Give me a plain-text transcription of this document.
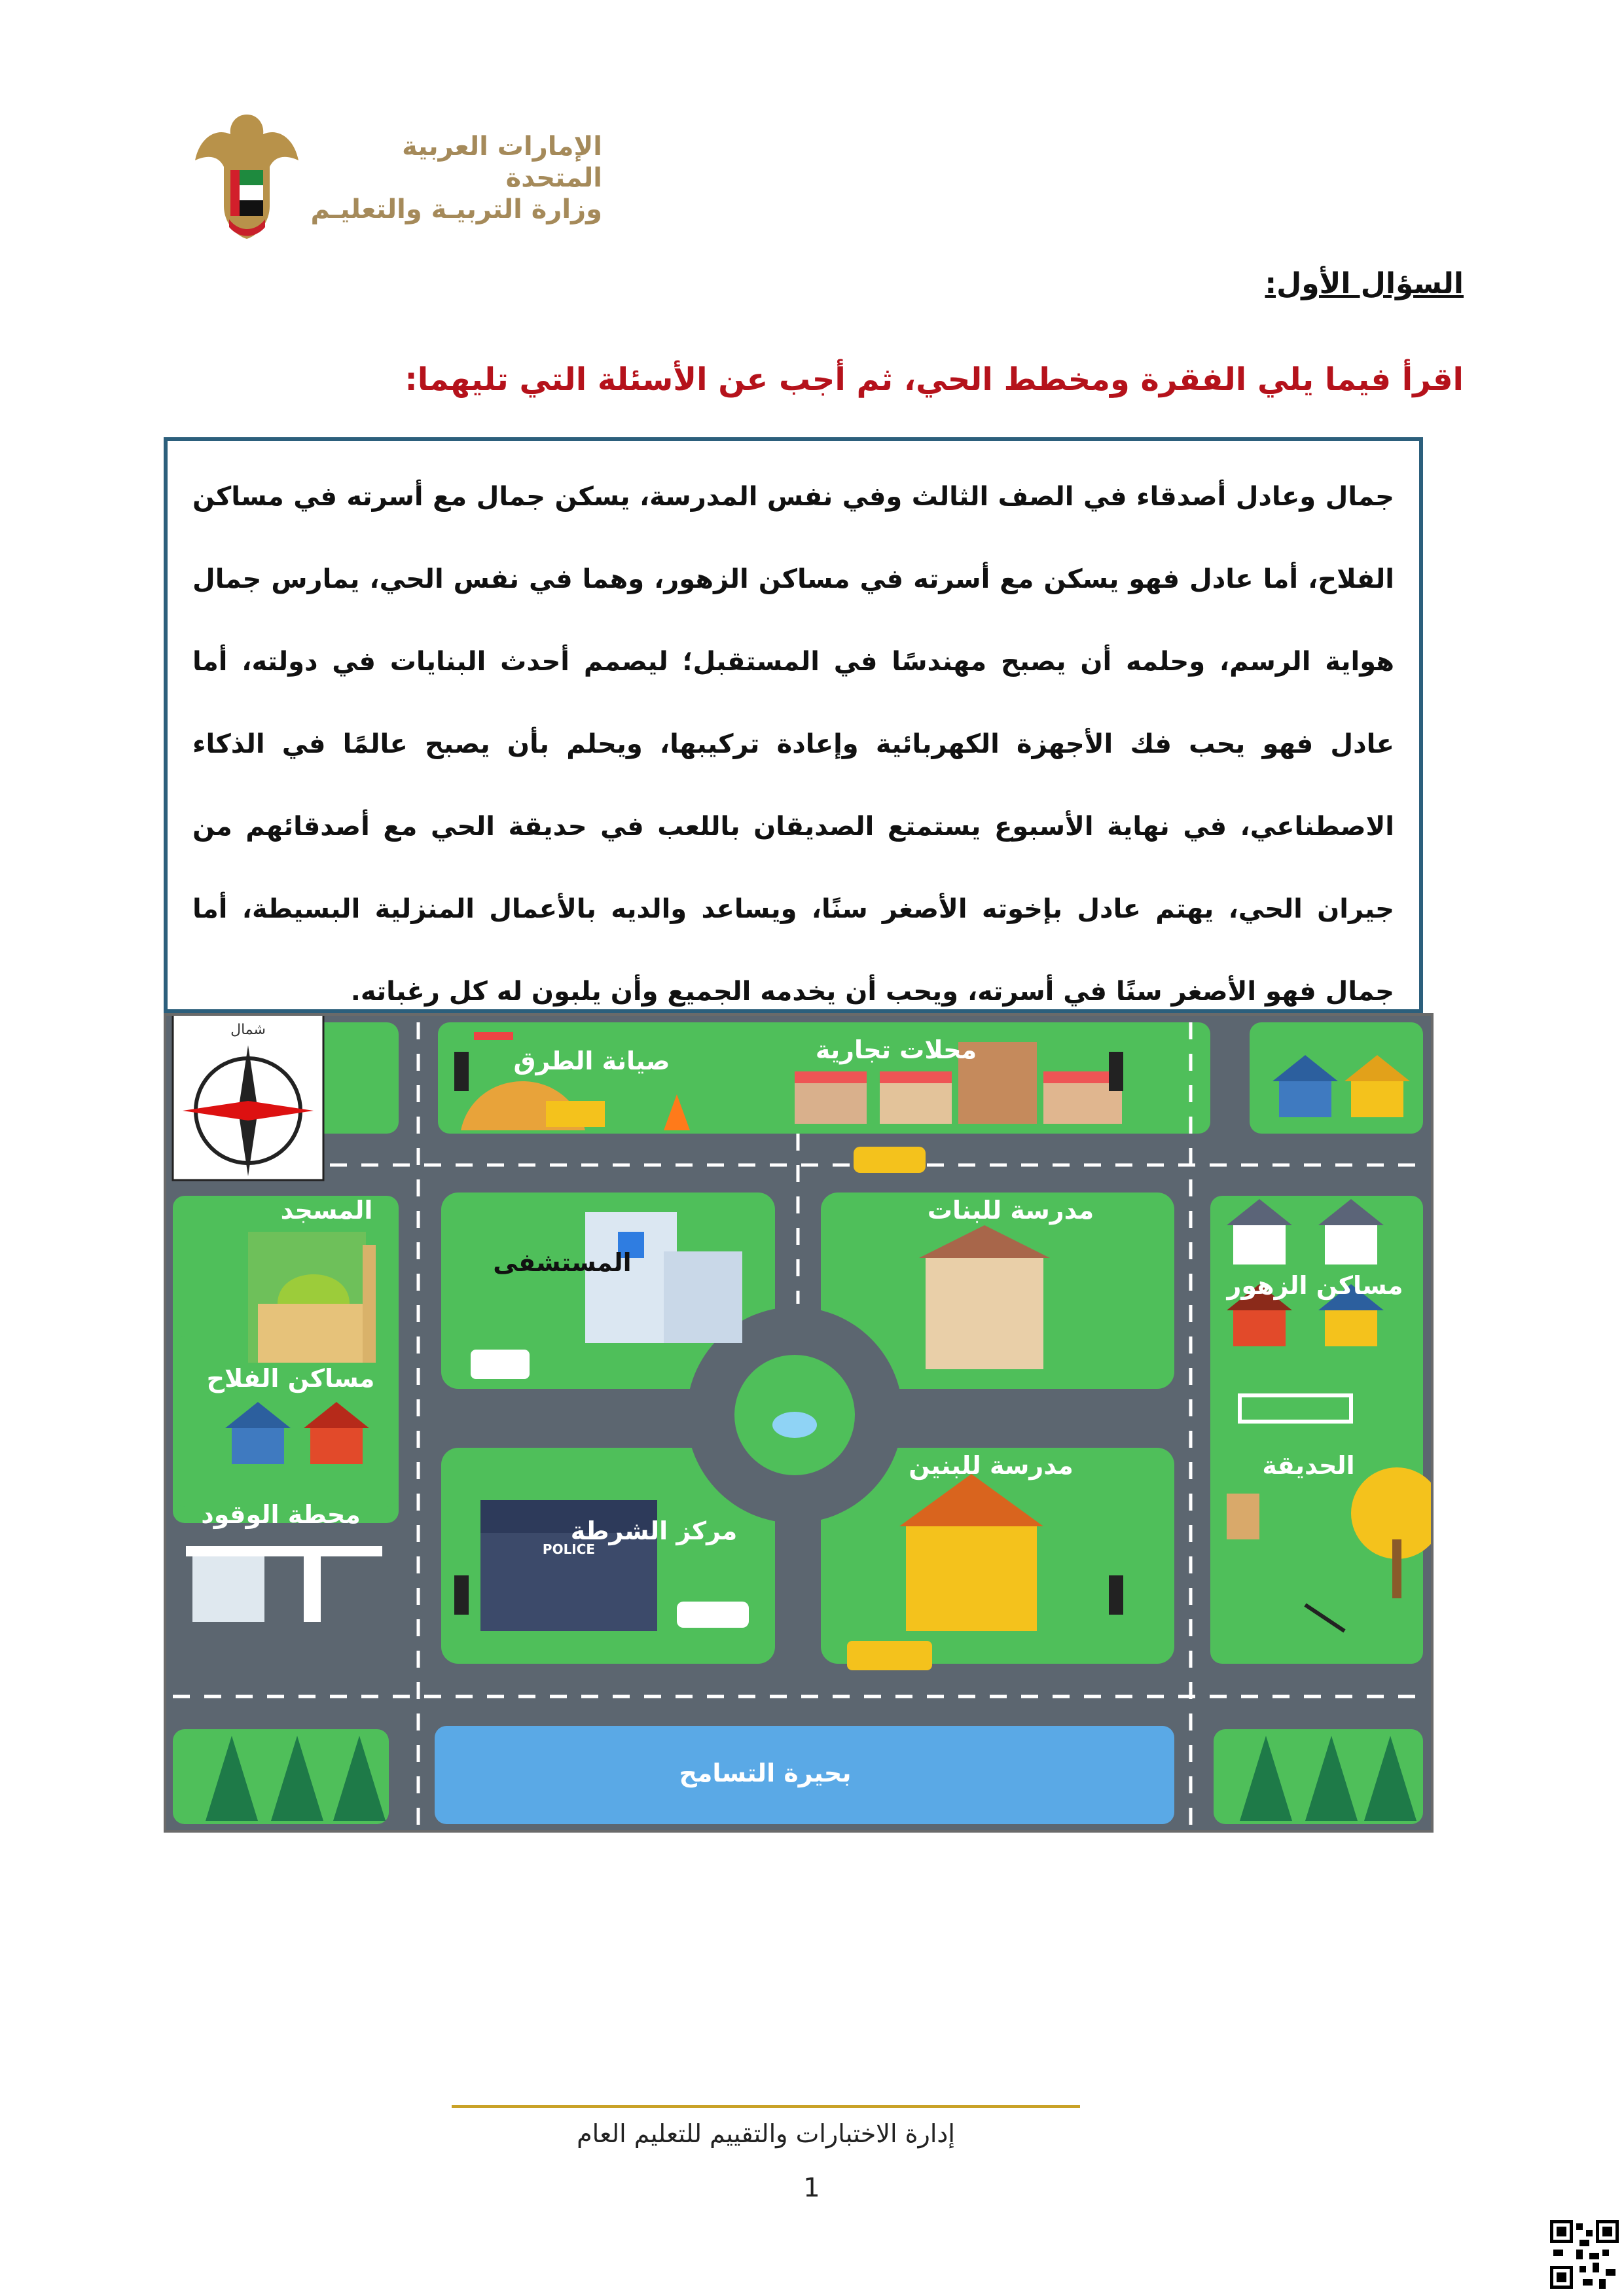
الإمارات العربية المتحدة
وزارة التربيـة والتعليـم
السؤال الأول:
اقرأ فيما يلي الفقرة ومخطط الحي، ثم أجب عن الأسئلة التي تليهما:

جمال وعادل أصدقاء في الصف الثالث وفي نفس المدرسة، يسكن جمال مع أسرته في مساكن الفلاح، أما عادل فهو يسكن مع أسرته في مساكن الزهور، وهما في نفس الحي، يمارس جمال هواية الرسم، وحلمه أن يصبح مهندسًا في المستقبل؛ ليصمم أحدث البنايات في دولته، أما عادل فهو يحب فك الأجهزة الكهربائية وإعادة تركيبها، ويحلم بأن يصبح عالمًا في الذكاء الاصطناعي، في نهاية الأسبوع يستمتع الصديقان باللعب في حديقة الحي مع أصدقائهم من جيران الحي، يهتم عادل بإخوته الأصغر سنًا، ويساعد والديه بالأعمال المنزلية البسيطة، أما جمال فهو الأصغر سنًا في أسرته، ويحب أن يخدمه الجميع وأن يلبون له كل رغباته.

شمال
POLICE
صيانة الطرق	محلات تجارية
المسجد
المستشفى
مدرسة للبنات
مساكن الزهور
مساكن الفلاح
الحديقة
مدرسة للبنين
محطة الوقود
مركز الشرطة
بحيرة التسامح
إدارة الاختبارات والتقييم للتعليم العام
1
